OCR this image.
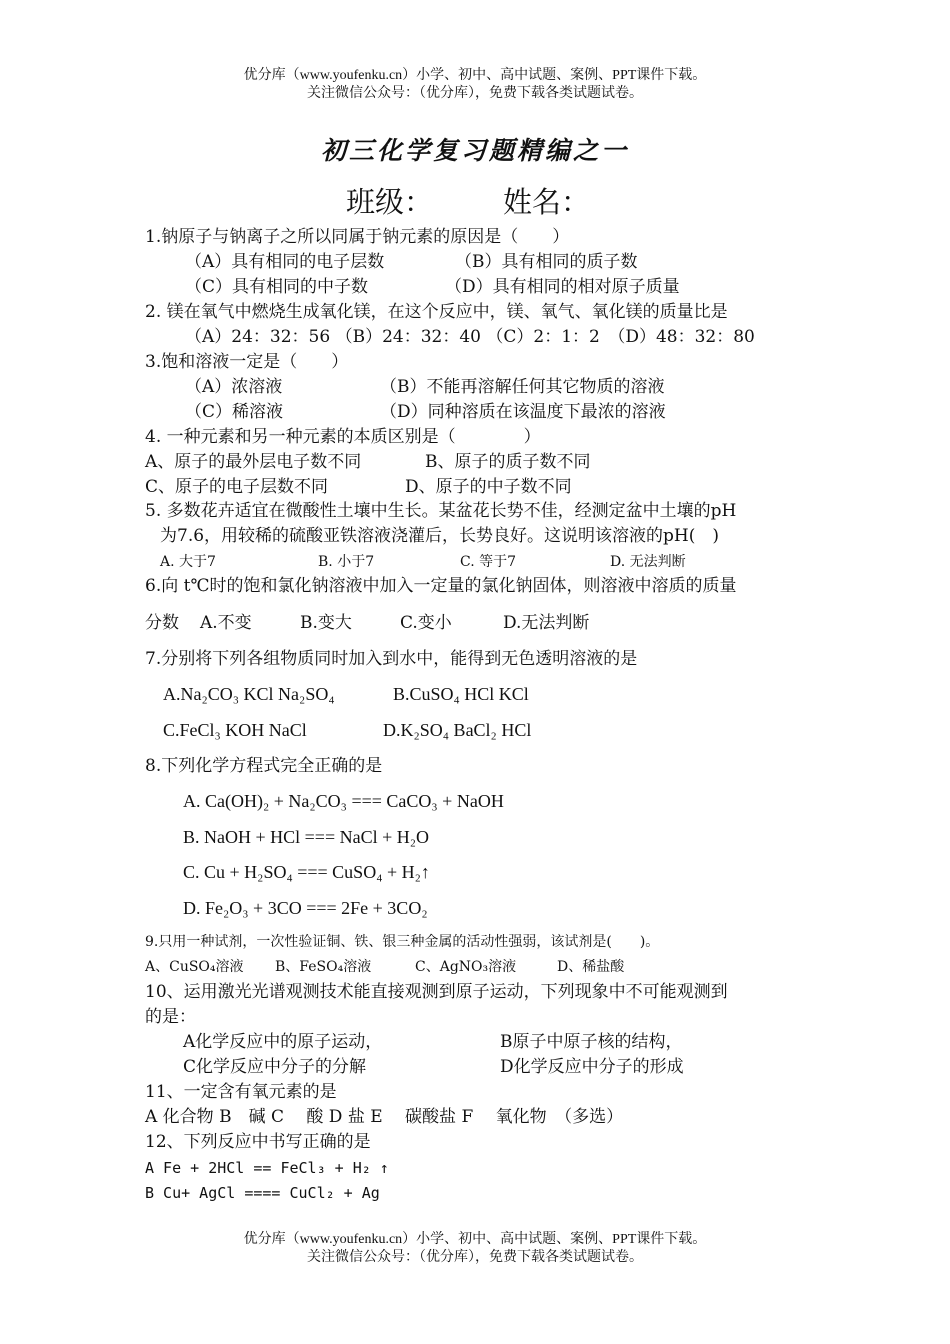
优分库（www.youfenku.cn）小学、初中、高中试题、案例、PPT课件下载。
关注微信公众号：（优分库），免费下载各类试题试卷。
初三化学复习题精编之一
班级： 姓名：
1.钠原子与钠离子之所以同属于钠元素的原因是（　　）
（A）具有相同的电子层数	（B）具有相同的质子数
（C）具有相同的中子数	（D）具有相同的相对原子质量
2. 镁在氧气中燃烧生成氧化镁，在这个反应中，镁、氧气、氧化镁的质量比是
（A）24：32：56 （B）24：32：40 （C）2：1：2　（D）48：32：80
3.饱和溶液一定是（　　）
（A）浓溶液	（B）不能再溶解任何其它物质的溶液
（C）稀溶液	（D）同种溶质在该温度下最浓的溶液
4. 一种元素和另一种元素的本质区别是（　　　　）
A、原子的最外层电子数不同	B、原子的质子数不同
C、原子的电子层数不同	D、原子的中子数不同
5. 多数花卉适宜在微酸性土壤中生长。某盆花长势不佳，经测定盆中土壤的pH
为7.6，用较稀的硫酸亚铁溶液浇灌后，长势良好。这说明该溶液的pH(　)
A. 大于7	B. 小于7	C. 等于7	D. 无法判断
6.向 t℃时的饱和氯化钠溶液中加入一定量的氯化钠固体，则溶液中溶质的质量
分数 A.不变	B.变大	C.变小	D.无法判断
7.分别将下列各组物质同时加入到水中，能得到无色透明溶液的是
A.Na₂CO₃ KCl Na₂SO₄	B.CuSO₄ HCl KCl
C.FeCl₃ KOH NaCl	D.K₂SO₄ BaCl₂ HCl
8.下列化学方程式完全正确的是
A. Ca(OH)₂ + Na₂CO₃ === CaCO₃ + NaOH
B. NaOH + HCl === NaCl + H₂O
C. Cu + H₂SO₄ === CuSO₄ + H₂↑
D. Fe₂O₃ + 3CO === 2Fe + 3CO₂
9.只用一种试剂，一次性验证铜、铁、银三种金属的活动性强弱，该试剂是(　　)。
A、CuSO₄溶液 B、FeSO₄溶液	C、AgNO₃溶液	D、稀盐酸
10、运用激光光谱观测技术能直接观测到原子运动，下列现象中不可能观测到
的是：
A化学反应中的原子运动，	B原子中原子核的结构，
C化学反应中分子的分解	D化学反应中分子的形成
11、一定含有氧元素的是
A 化合物 B　碱 C　 酸 D 盐 E　 碳酸盐 F　 氧化物　（多选）
12、下列反应中书写正确的是
A Fe + 2HCl == FeCl₃ + H₂ ↑
B Cu+ AgCl ==== CuCl₂ + Ag
优分库（www.youfenku.cn）小学、初中、高中试题、案例、PPT课件下载。
关注微信公众号：（优分库），免费下载各类试题试卷。
